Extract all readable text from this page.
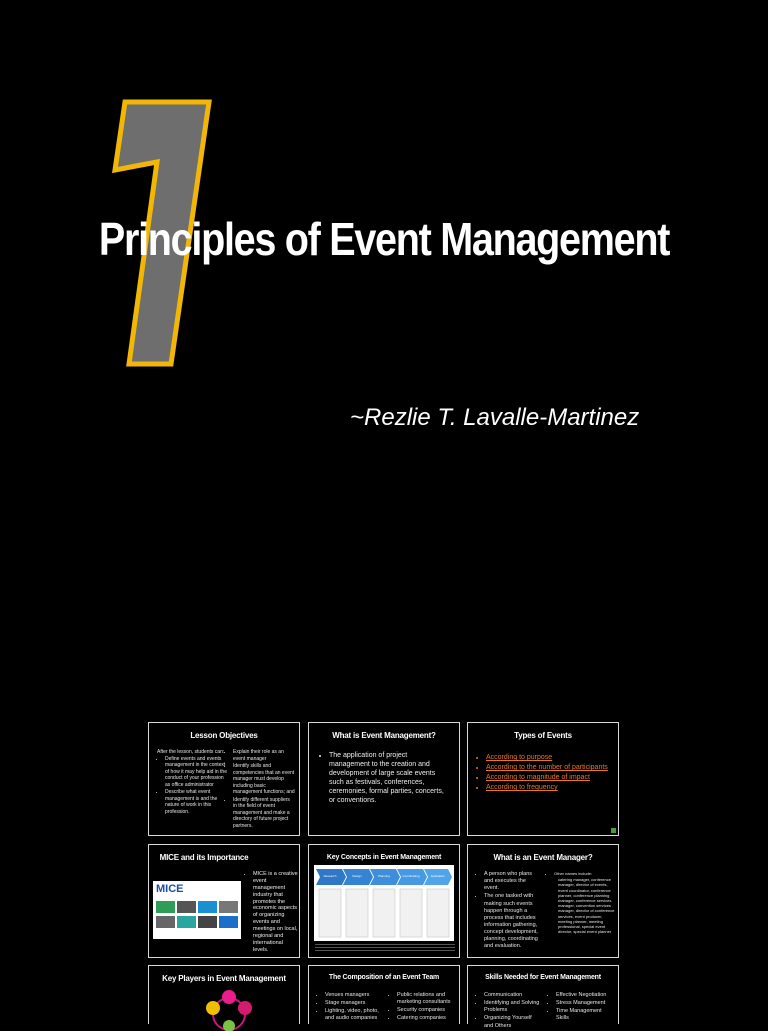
Principles of Event Management
~Rezlie T. Lavalle-Martinez
Lesson Objectives
After the lesson, students can:
• Define events and events management in the context of how it may help aid in the conduct of your profession as office administrator
• Describe what event management is and the nature of work in this profession.
• Explain their role as an event manager
• Identify skills and competencies that an event manager must develop including basic management functions; and
• Identify different suppliers in the field of event management and make a directory of future project partners.
What is Event Management?
• The application of project management to the creation and development of large scale events such as festivals, conferences, ceremonies, formal parties, concerts, or conventions.
Types of Events
• According to purpose
• According to the number of participants
• According to magnitude of impact
• According to frequency
MICE and its Importance
MICE
• MICE is a creative event management industry that promotes the economic aspects of organizing events and meetings on local, regional and international levels.
Key Concepts in Event Management
Research	Design	Planning	Coordinating	Evaluation
What is an Event Manager?
• A person who plans and executes the event.
• The one tasked with making such events happen through a process that includes information gathering, concept development, planning, coordinating and evaluation.
• Other names include:
catering manager, conference manager, director of events, event coordinator, conference planner, conference planning manager, conference services manager, convention services manager, director of conference services, event producer, meeting planner, meeting professional, special event director, special event planner
Key Players in Event Management	The Composition of an Event Team
• Venues managers
• Stage managers
• Lighting, video, photo, and audio companies
• Public relations and marketing consultants
• Security companies
• Catering companies
Skills Needed for Event Management
• Communication
• Identifying and Solving Problems
• Organizing Yourself and Others
• Effective Negotiation
• Stress Management
• Time Management Skills
